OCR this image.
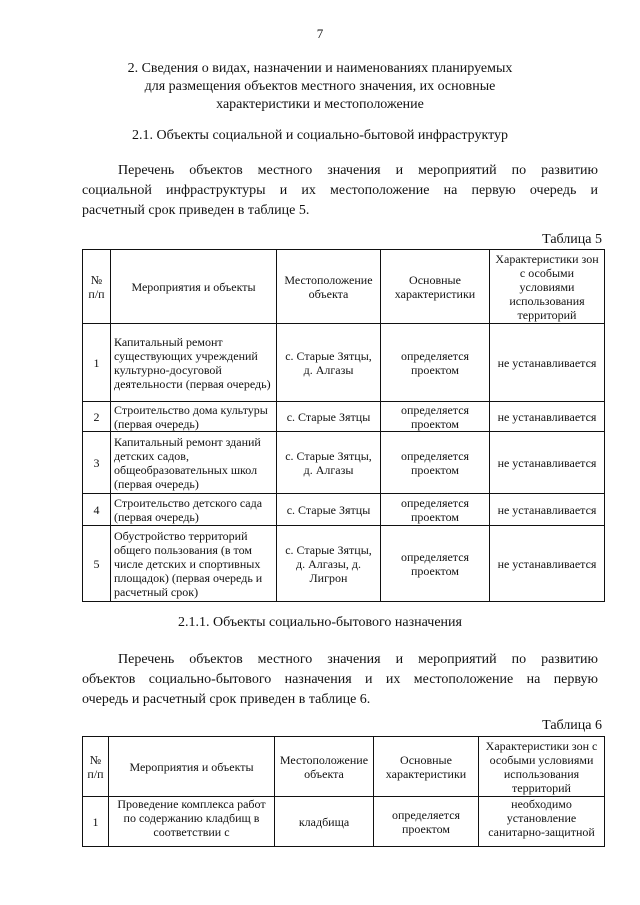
7
2. Сведения о видах, назначении и наименованиях планируемых
для размещения объектов местного значения, их основные
характеристики и местоположение
2.1. Объекты социальной и социально-бытовой инфраструктур
Перечень объектов местного значения и мероприятий по развитию
социальной инфраструктуры и их местоположение на первую очередь и
расчетный срок приведен в таблице 5.
Таблица 5
№ п/п	Мероприятия и объекты	Местоположение объекта	Основные характеристики	Характеристики зон с особыми условиями использования территорий
1	Капитальный ремонт существующих учреждений культурно-досуговой деятельности (первая очередь)	с. Старые Зятцы, д. Алгазы	определяется проектом	не устанавливается
2	Строительство дома культуры (первая очередь)	с. Старые Зятцы	определяется проектом	не устанавливается
3	Капитальный ремонт зданий детских садов, общеобразовательных школ (первая очередь)	с. Старые Зятцы, д. Алгазы	определяется проектом	не устанавливается
4	Строительство детского сада (первая очередь)	с. Старые Зятцы	определяется проектом	не устанавливается
5	Обустройство территорий общего пользования (в том числе детских и спортивных площадок) (первая очередь и расчетный срок)	с. Старые Зятцы, д. Алгазы, д. Лигрон	определяется проектом	не устанавливается
2.1.1. Объекты социально-бытового назначения
Перечень объектов местного значения и мероприятий по развитию
объектов социально-бытового назначения и их местоположение на первую
очередь и расчетный срок приведен в таблице 6.
Таблица 6
№ п/п	Мероприятия и объекты	Местоположение объекта	Основные характеристики	Характеристики зон с особыми условиями использования территорий
1	Проведение комплекса работ по содержанию кладбищ в соответствии с	кладбища	определяется проектом	необходимо установление санитарно-защитной
